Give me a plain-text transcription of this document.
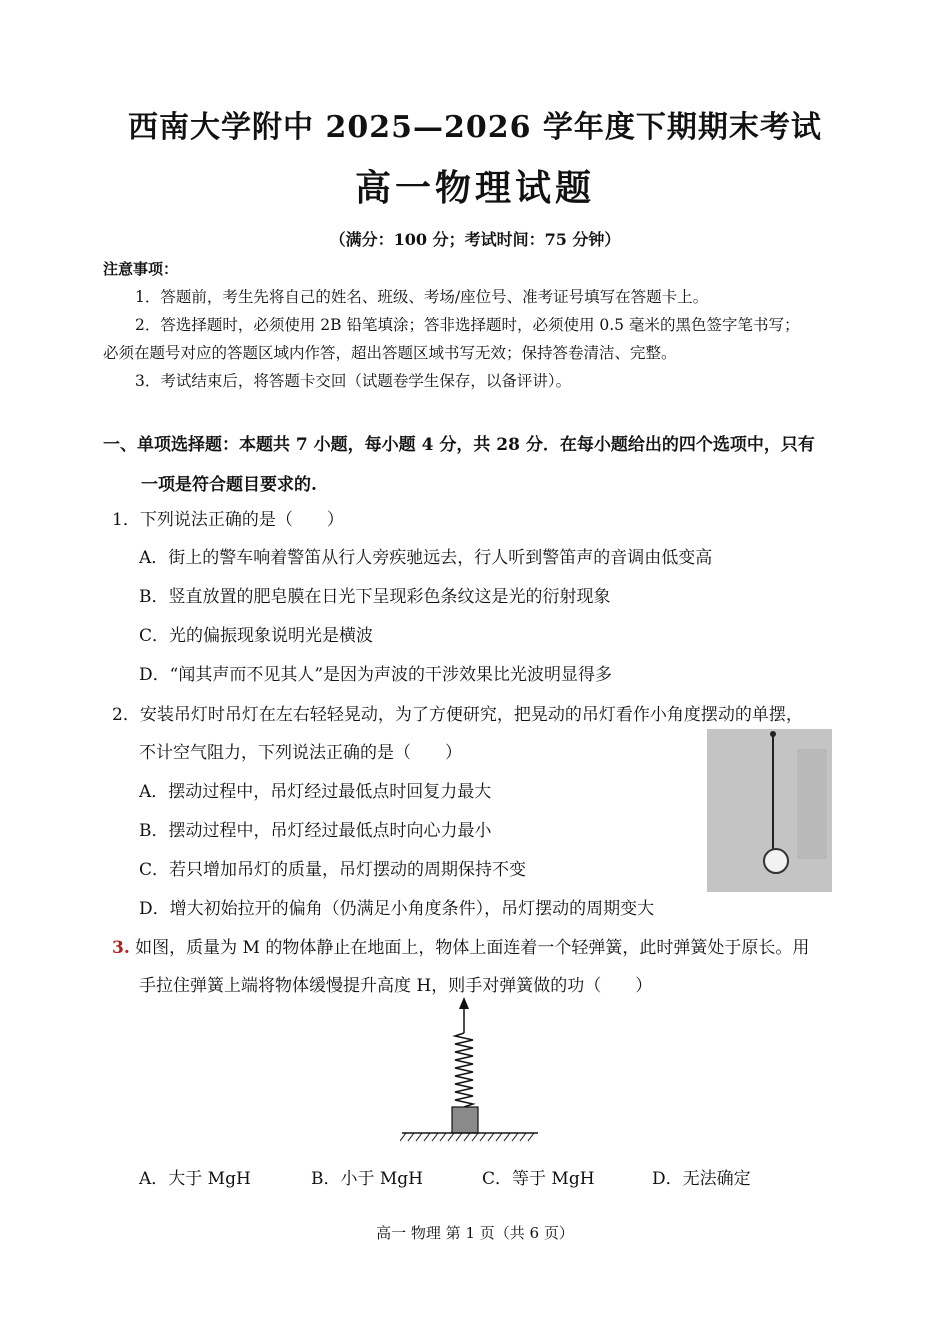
西南大学附中 2025—2026 学年度下期期末考试
高一物理试题
（满分：100 分；考试时间：75 分钟）
注意事项：
1．答题前，考生先将自己的姓名、班级、考场/座位号、准考证号填写在答题卡上。
2．答选择题时，必须使用 2B 铅笔填涂；答非选择题时，必须使用 0.5 毫米的黑色签字笔书写；
必须在题号对应的答题区域内作答，超出答题区域书写无效；保持答卷清洁、完整。
3．考试结束后，将答题卡交回（试题卷学生保存，以备评讲）。
一、单项选择题：本题共 7 小题，每小题 4 分，共 28 分．在每小题给出的四个选项中，只有
一项是符合题目要求的.
1．下列说法正确的是（　　）
A．街上的警车响着警笛从行人旁疾驰远去，行人听到警笛声的音调由低变高
B．竖直放置的肥皂膜在日光下呈现彩色条纹这是光的衍射现象
C．光的偏振现象说明光是横波
D．“闻其声而不见其人”是因为声波的干涉效果比光波明显得多
2．安装吊灯时吊灯在左右轻轻晃动，为了方便研究，把晃动的吊灯看作小角度摆动的单摆，
不计空气阻力，下列说法正确的是（　　）
A．摆动过程中，吊灯经过最低点时回复力最大
B．摆动过程中，吊灯经过最低点时向心力最小
C．若只增加吊灯的质量，吊灯摆动的周期保持不变
D．增大初始拉开的偏角（仍满足小角度条件），吊灯摆动的周期变大
3. 如图，质量为 M 的物体静止在地面上，物体上面连着一个轻弹簧，此时弹簧处于原长。用
手拉住弹簧上端将物体缓慢提升高度 H，则手对弹簧做的功（　　）
A．大于 MgH	B．小于 MgH	C．等于 MgH	D．无法确定
高一 物理 第 1 页（共 6 页）
